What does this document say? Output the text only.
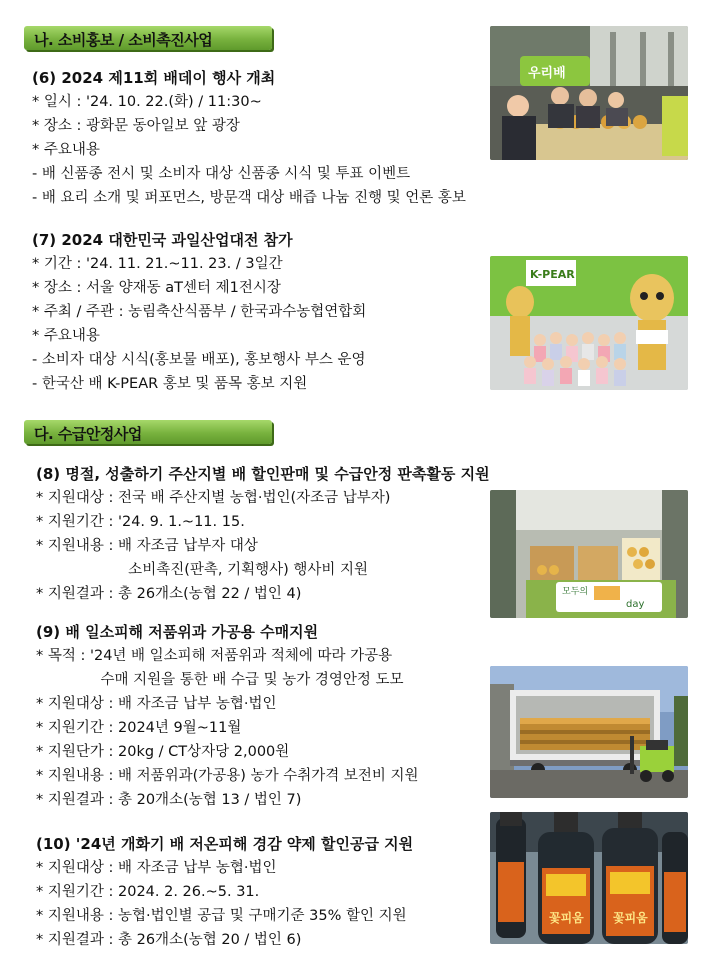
나. 소비홍보 / 소비촉진사업
(6) 2024 제11회 배데이 행사 개최
* 일시 : '24. 10. 22.(화) / 11:30~
* 장소 : 광화문 동아일보 앞 광장
* 주요내용
- 배 신품종 전시 및 소비자 대상 신품종 시식 및 투표 이벤트
- 배 요리 소개 및 퍼포먼스, 방문객 대상 배즙 나눔 진행 및 언론 홍보
(7) 2024 대한민국 과일산업대전 참가
* 기간 : '24. 11. 21.~11. 23. / 3일간
* 장소 : 서울 양재동 aT센터 제1전시장
* 주최 / 주관 : 농림축산식품부 / 한국과수농협연합회
* 주요내용
- 소비자 대상 시식(홍보물 배포), 홍보행사 부스 운영
- 한국산 배 K-PEAR 홍보 및 품목 홍보 지원
우리배
K-PEAR
다. 수급안정사업
(8) 명절, 성출하기 주산지별 배 할인판매 및 수급안정 판촉활동 지원
* 지원대상 : 전국 배 주산지별 농협·법인(자조금 납부자)
* 지원기간 : '24. 9. 1.~11. 15.
* 지원내용 : 배 자조금 납부자 대상
소비촉진(판촉, 기획행사) 행사비 지원
* 지원결과 : 총 26개소(농협 22 / 법인 4)
(9) 배 일소피해 저품위과 가공용 수매지원
* 목적 : '24년 배 일소피해 저품위과 적체에 따라 가공용
수매 지원을 통한 배 수급 및 농가 경영안정 도모
* 지원대상 : 배 자조금 납부 농협·법인
* 지원기간 : 2024년 9월~11월
* 지원단가 : 20kg / CT상자당 2,000원
* 지원내용 : 배 저품위과(가공용) 농가 수취가격 보전비 지원
* 지원결과 : 총 20개소(농협 13 / 법인 7)
(10) '24년 개화기 배 저온피해 경감 약제 할인공급 지원
* 지원대상 : 배 자조금 납부 농협·법인
* 지원기간 : 2024. 2. 26.~5. 31.
* 지원내용 : 농협·법인별 공급 및 구매기준 35% 할인 지원
* 지원결과 : 총 26개소(농협 20 / 법인 6)
모두의
day
꽃피움 꽃피움
